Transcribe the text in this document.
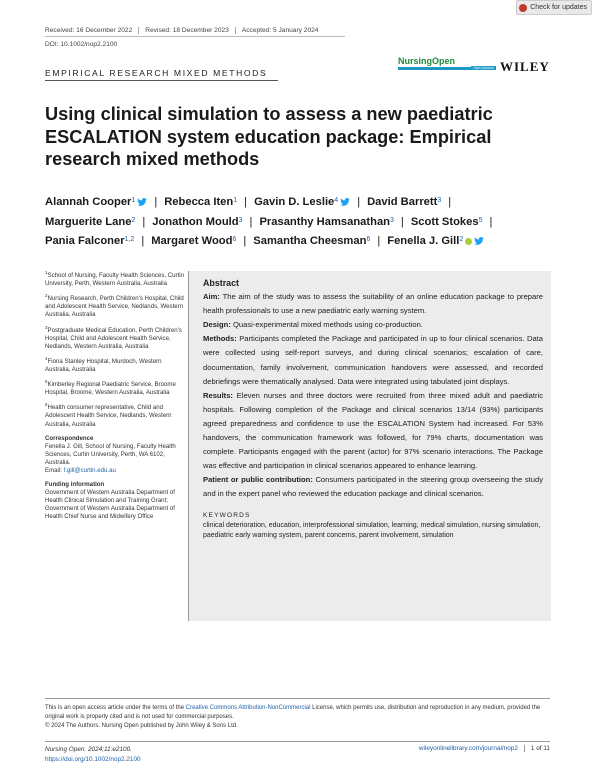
Check for updates
Received: 16 December 2022	Revised: 18 December 2023	Accepted: 5 January 2024
DOI: 10.1002/nop2.2100
EMPIRICAL RESEARCH MIXED METHODS
NursingOpen
Open Access WILEY
Using clinical simulation to assess a new paediatric ESCALATION system education package: Empirical research mixed methods
Alannah Cooper$^1$ | Rebecca Iten$^1$ | Gavin D. Leslie$^4$ | David Barrett$^3$ |
Marguerite Lane$^2$ | Jonathon Mould$^3$ | Prasanthy Hamsanathan$^3$ | Scott Stokes$^5$ |
Pania Falconer$^{1,2}$ | Margaret Wood$^6$ | Samantha Cheesman$^6$ | Fenella J. Gill$^2$
$^1$School of Nursing, Faculty Health Sciences, Curtin University, Perth, Western Australia, Australia
$^2$Nursing Research, Perth Children's Hospital, Child and Adolescent Health Service, Nedlands, Western Australia, Australia
$^3$Postgraduate Medical Education, Perth Children's Hospital, Child and Adolescent Health Service, Nedlands, Western Australia, Australia
$^4$Fiona Stanley Hospital, Murdoch, Western Australia, Australia
$^5$Kimberley Regional Paediatric Service, Broome Hospital, Broome, Western Australia, Australia
$^6$Health consumer representative, Child and Adolescent Health Service, Nedlands, Western Australia, Australia
Correspondence
Fenella J. Gill, School of Nursing, Faculty Health Sciences, Curtin University, Perth, WA 6102, Australia.
Email: f.gill@curtin.edu.au
Funding information
Government of Western Australia Department of Health Clinical Simulation and Training Grant; Government of Western Australia Department of Health Chief Nurse and Midwifery Office
Abstract
Aim: The aim of the study was to assess the suitability of an online education package to prepare health professionals to use a new paediatric early warning system.
Design: Quasi-experimental mixed methods using co-production.
Methods: Participants completed the Package and participated in up to four clinical scenarios. Data were collected using self-report surveys, and during clinical scenarios; escalation of care, documentation, family involvement, communication handovers were assessed, and recorded debriefings were thematically analysed. Data were integrated using tabulated joint displays.
Results: Eleven nurses and three doctors were recruited from three mixed adult and paediatric hospitals. Following completion of the Package and clinical scenarios 13/14 (93%) participants agreed preparedness and confidence to use the ESCALATION System had increased. For 53% handovers, the communication framework was followed, for 79% charts, documentation was complete. Participants engaged with the parent (actor) for 97% scenario interactions. The Package was effective and participation in clinical scenarios appeared to enhance learning.
Patient or public contribution: Consumers participated in the steering group overseeing the study and in the expert panel who reviewed the education package and clinical scenarios.
KEYWORDS
clinical deterioration, education, interprofessional simulation, learning, medical simulation, nursing simulation, paediatric early warning system, parent concerns, parent involvement, simulation
This is an open access article under the terms of the Creative Commons Attribution-NonCommercial License, which permits use, distribution and reproduction in any medium, provided the original work is properly cited and is not used for commercial purposes.
© 2024 The Authors. Nursing Open published by John Wiley & Sons Ltd.
Nursing Open. 2024;11:e2100.
https://doi.org/10.1002/nop2.2100
wileyonlinelibrary.com/journal/nop2 1 of 11
